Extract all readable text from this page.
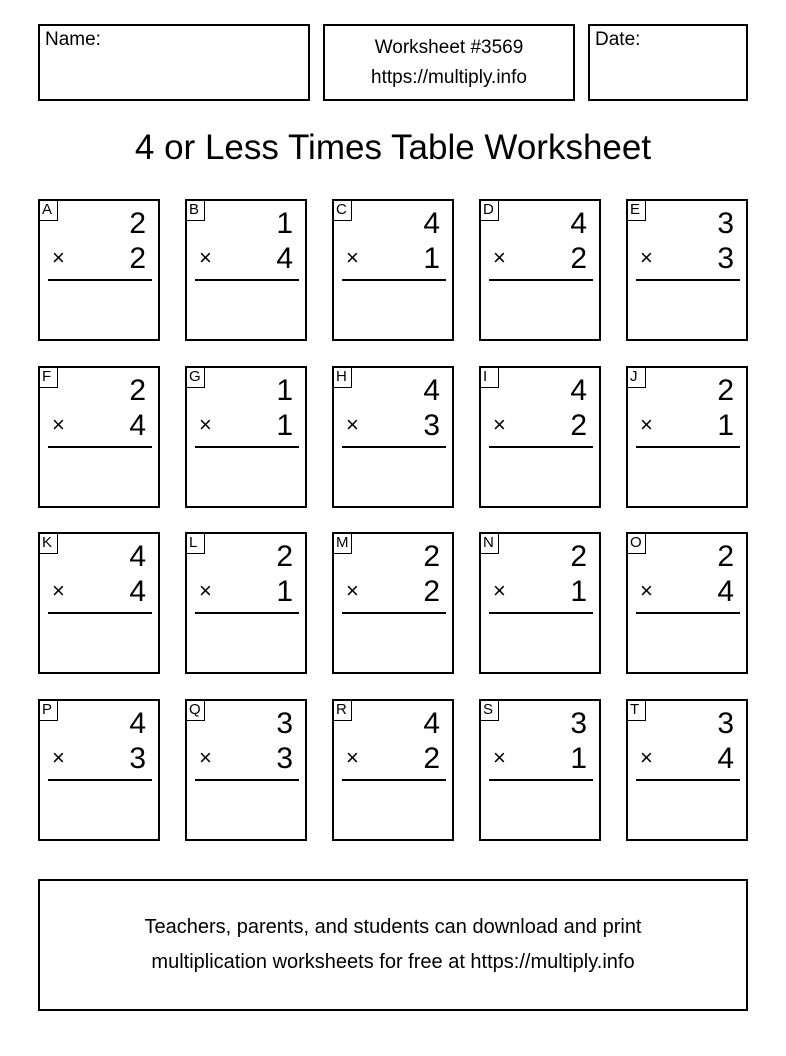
Name:	Worksheet #3569
https://multiply.info
Date:
4 or Less Times Table Worksheet
A	2
× 2
B	1
× 4
C	4
× 1
D	4
× 2
E	3
× 3
F	2
× 4
G	1
× 1
H	4
× 3
I	4
× 2
J	2
× 1
K	4
× 4
L	2
× 1
M 2
× 2
N	2
× 1
O	2
× 4
P	4
× 3
Q	3
× 3
R	4
× 2
S	3
× 1
T	3
× 4
Teachers, parents, and students can download and print
multiplication worksheets for free at https://multiply.info
